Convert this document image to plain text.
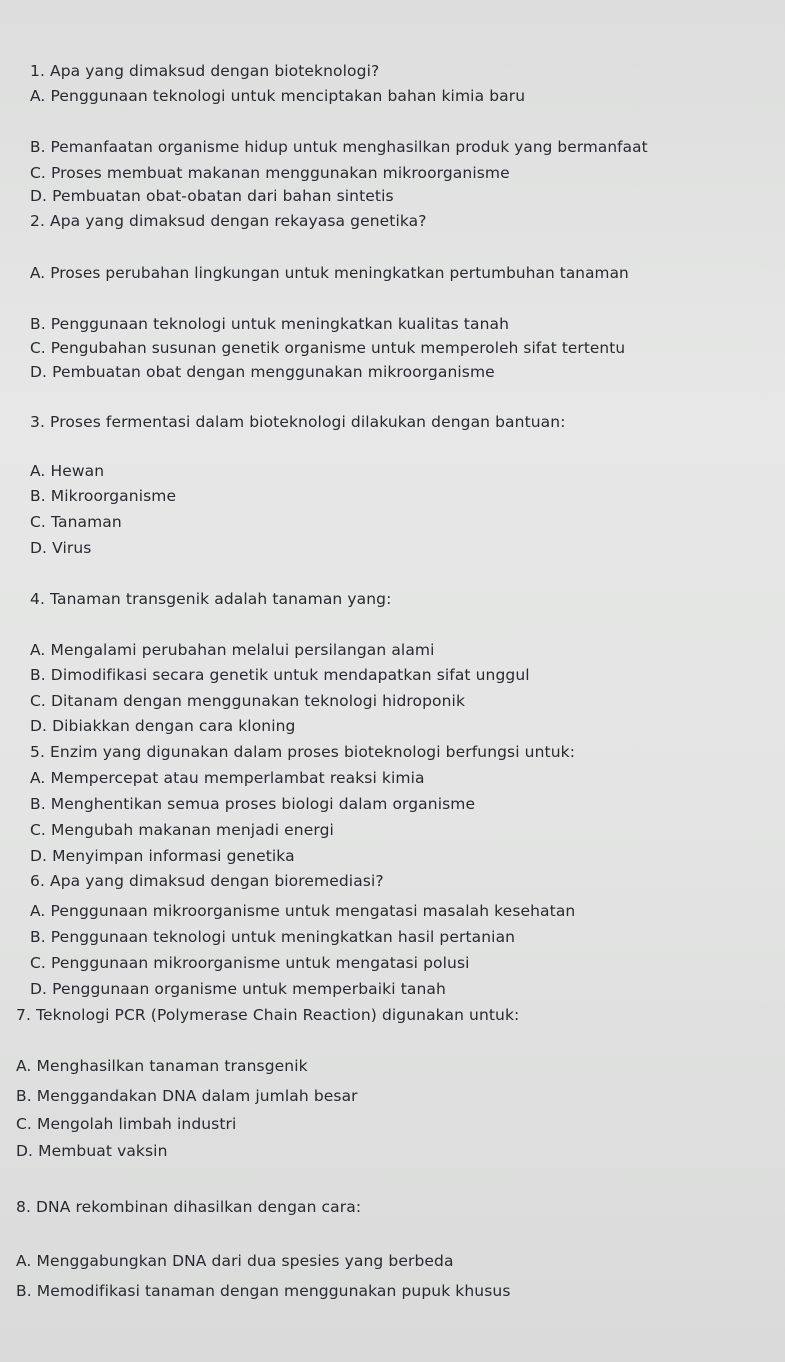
1. Apa yang dimaksud dengan bioteknologi?
A. Penggunaan teknologi untuk menciptakan bahan kimia baru
B. Pemanfaatan organisme hidup untuk menghasilkan produk yang bermanfaat
C. Proses membuat makanan menggunakan mikroorganisme
D. Pembuatan obat-obatan dari bahan sintetis
2. Apa yang dimaksud dengan rekayasa genetika?
A. Proses perubahan lingkungan untuk meningkatkan pertumbuhan tanaman
B. Penggunaan teknologi untuk meningkatkan kualitas tanah
C. Pengubahan susunan genetik organisme untuk memperoleh sifat tertentu
D. Pembuatan obat dengan menggunakan mikroorganisme
3. Proses fermentasi dalam bioteknologi dilakukan dengan bantuan:
A. Hewan
B. Mikroorganisme
C. Tanaman
D. Virus
4. Tanaman transgenik adalah tanaman yang:
A. Mengalami perubahan melalui persilangan alami
B. Dimodifikasi secara genetik untuk mendapatkan sifat unggul
C. Ditanam dengan menggunakan teknologi hidroponik
D. Dibiakkan dengan cara kloning
5. Enzim yang digunakan dalam proses bioteknologi berfungsi untuk:
A. Mempercepat atau memperlambat reaksi kimia
B. Menghentikan semua proses biologi dalam organisme
C. Mengubah makanan menjadi energi
D. Menyimpan informasi genetika
6. Apa yang dimaksud dengan bioremediasi?
A. Penggunaan mikroorganisme untuk mengatasi masalah kesehatan
B. Penggunaan teknologi untuk meningkatkan hasil pertanian
C. Penggunaan mikroorganisme untuk mengatasi polusi
D. Penggunaan organisme untuk memperbaiki tanah
7. Teknologi PCR (Polymerase Chain Reaction) digunakan untuk:
A. Menghasilkan tanaman transgenik
B. Menggandakan DNA dalam jumlah besar
C. Mengolah limbah industri
D. Membuat vaksin
8. DNA rekombinan dihasilkan dengan cara:
A. Menggabungkan DNA dari dua spesies yang berbeda
B. Memodifikasi tanaman dengan menggunakan pupuk khusus
